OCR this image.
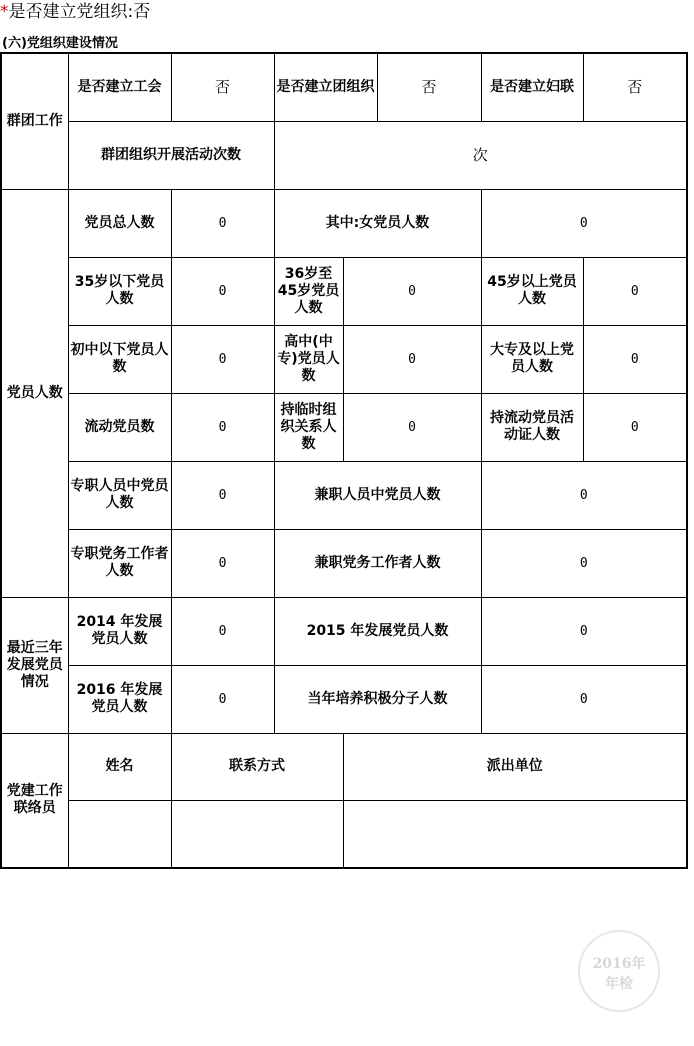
*是否建立党组织:否
(六)党组织建设情况
群团工作	是否建立工会	否	是否建立团组织		否	是否建立妇联	否
	群团组织开展活动次数		次				
党员人数	党员总人数	0	其中:女党员人数			0	
	35岁以下党员人数	0	36岁至45岁党员人数	0		45岁以上党员人数	0
	初中以下党员人数	0	高中(中专)党员人数	0		大专及以上党员人数	0
	流动党员数	0	持临时组织关系人数	0		持流动党员活动证人数	0
	专职人员中党员人数	0	兼职人员中党员人数			0	
	专职党务工作者人数	0	兼职党务工作者人数			0	
最近三年发展党员情况	2014 年发展党员人数	0	2015 年发展党员人数			0	
	2016 年发展党员人数	0	当年培养积极分子人数			0	
党建工作联络员	姓名	联系方式		派出单位			

2016年
年检
